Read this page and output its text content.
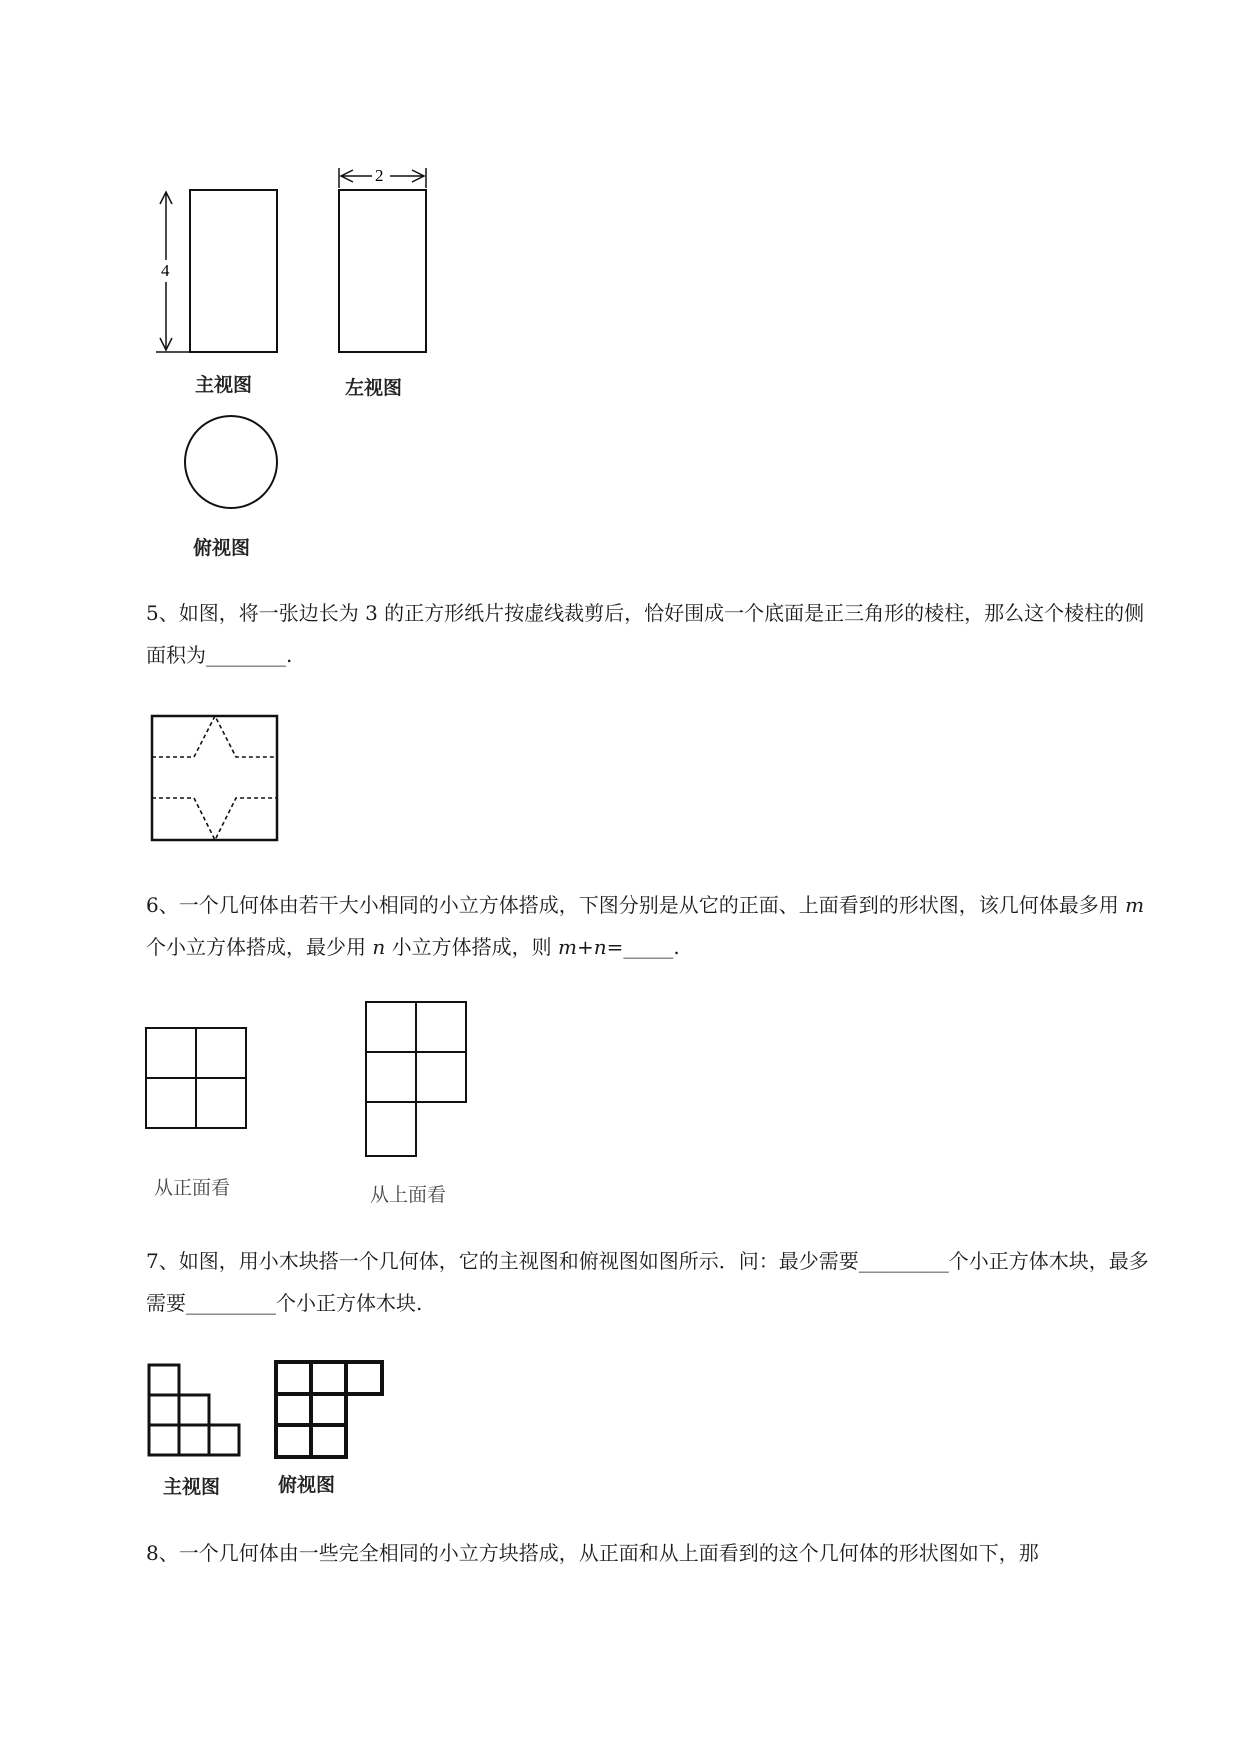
4
2
主视图	左视图
俯视图

5、如图，将一张边长为 3 的正方形纸片按虚线裁剪后，恰好围成一个底面是正三角形的棱柱，那么这个棱柱的侧面积为________.

6、一个几何体由若干大小相同的小立方体搭成，下图分别是从它的正面、上面看到的形状图，该几何体最多用 m个小立方体搭成，最少用 n 小立方体搭成，则 m+n=_____.

从正面看	从上面看

7、如图，用小木块搭一个几何体，它的主视图和俯视图如图所示．问：最少需要_________个小正方体木块，最多需要_________个小正方体木块.

主视图	俯视图

8、一个几何体由一些完全相同的小立方块搭成，从正面和从上面看到的这个几何体的形状图如下，那
